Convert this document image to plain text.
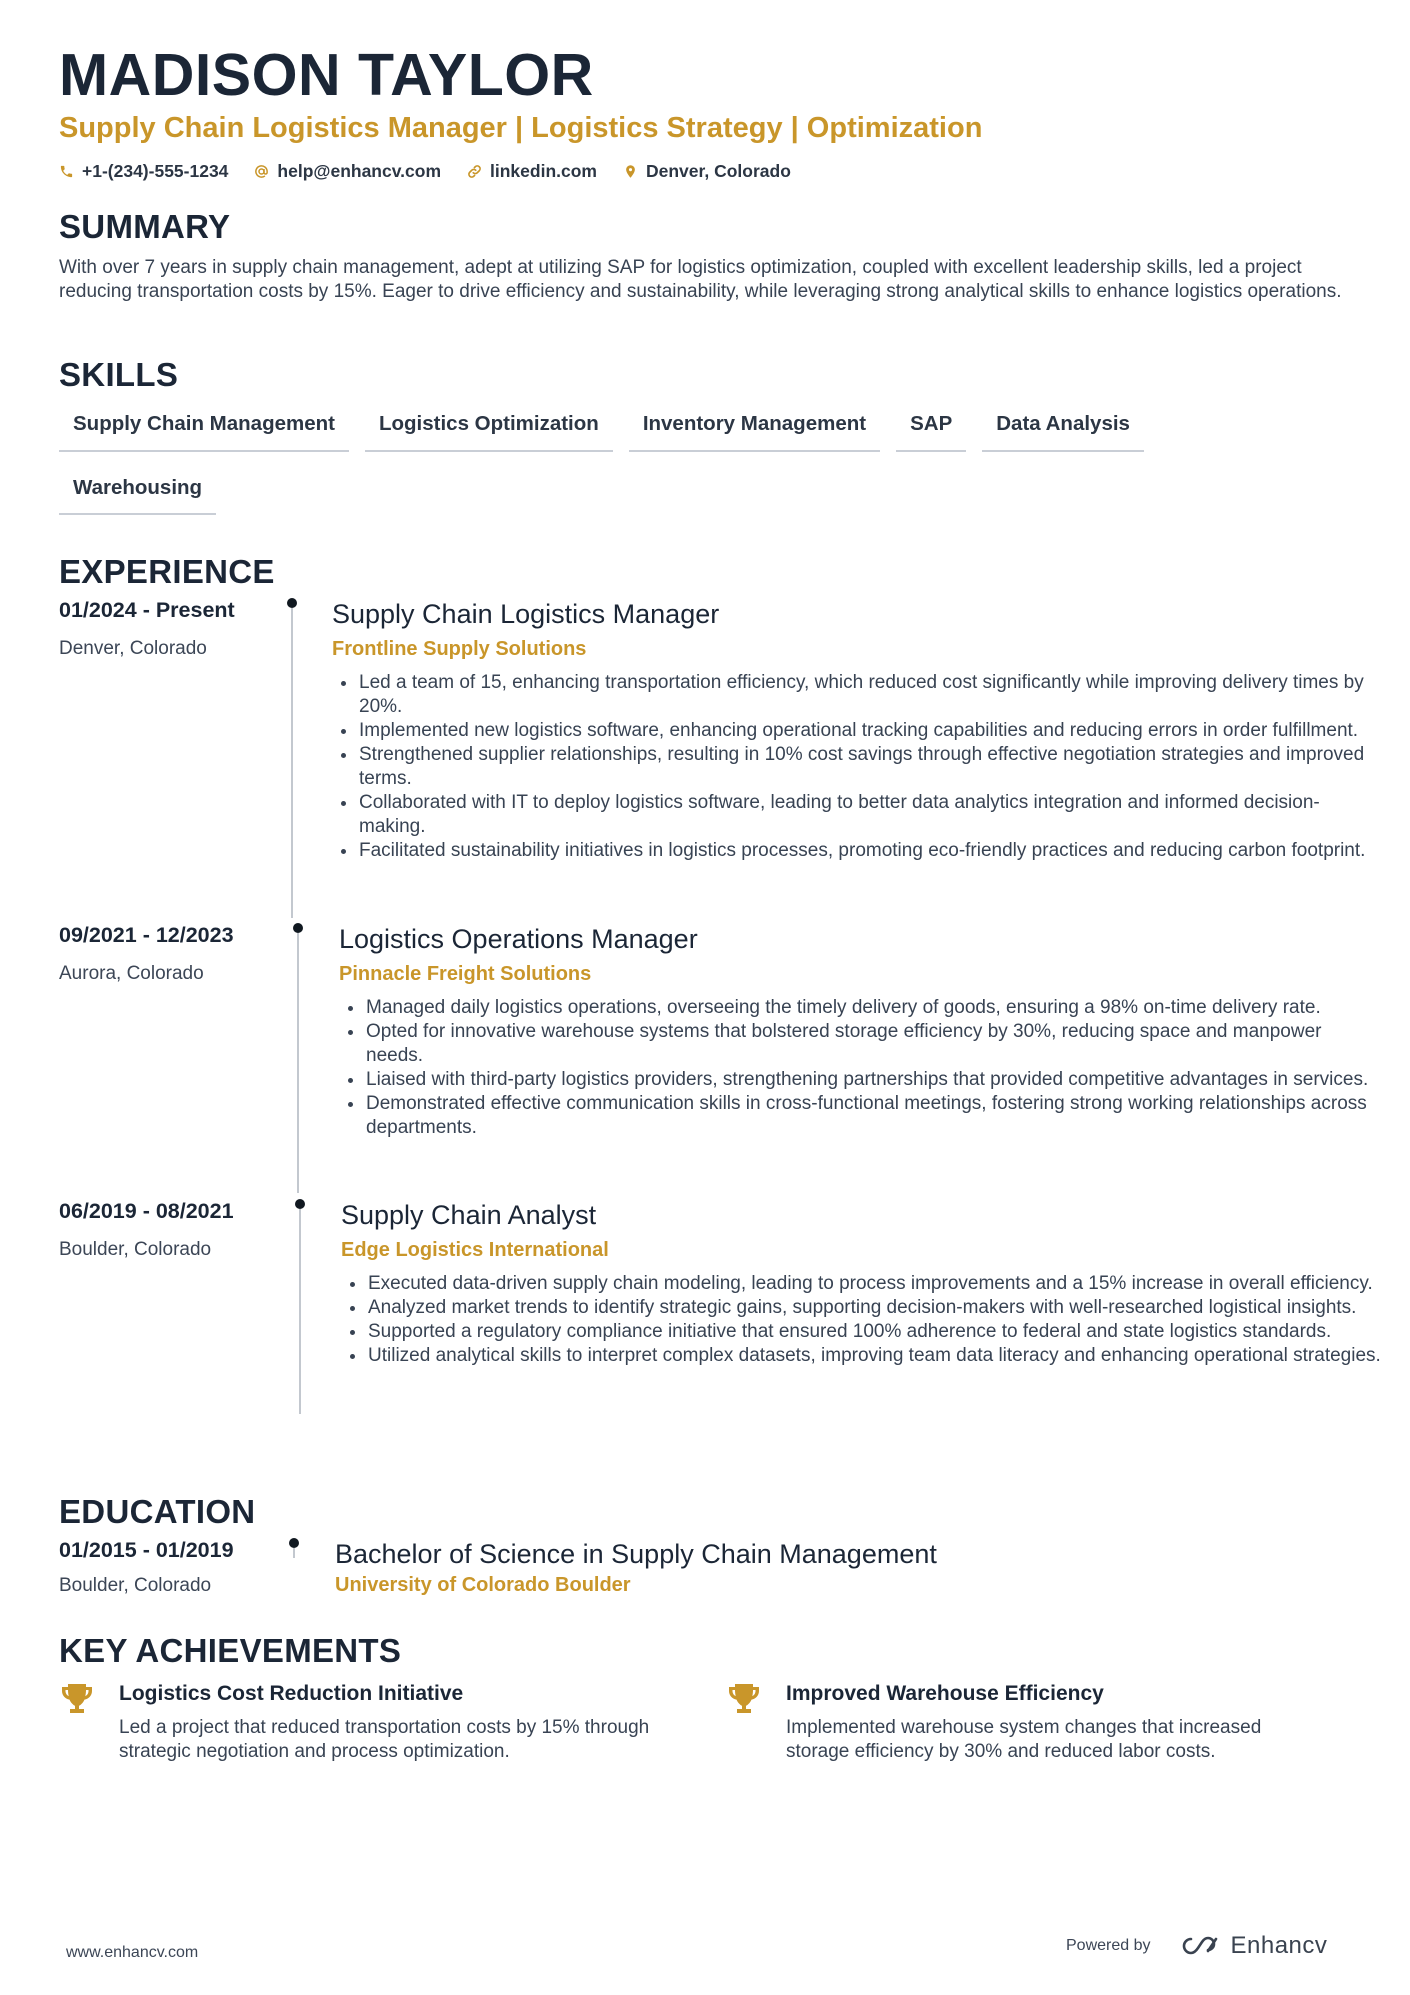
MADISON TAYLOR
Supply Chain Logistics Manager | Logistics Strategy | Optimization
+1-(234)-555-1234	help@enhancv.com	linkedin.com	Denver, Colorado
SUMMARY
With over 7 years in supply chain management, adept at utilizing SAP for logistics optimization, coupled with excellent leadership skills, led a project reducing transportation costs by 15%. Eager to drive efficiency and sustainability, while leveraging strong analytical skills to enhance logistics operations.
SKILLS
Supply Chain Management	Logistics Optimization	Inventory Management	SAP	Data Analysis
Warehousing
EXPERIENCE
01/2024 - Present
Denver, Colorado
Supply Chain Logistics Manager
Frontline Supply Solutions
Led a team of 15, enhancing transportation efficiency, which reduced cost significantly while improving delivery times by 20%.
Implemented new logistics software, enhancing operational tracking capabilities and reducing errors in order fulfillment.
Strengthened supplier relationships, resulting in 10% cost savings through effective negotiation strategies and improved terms.
Collaborated with IT to deploy logistics software, leading to better data analytics integration and informed decision-making.
Facilitated sustainability initiatives in logistics processes, promoting eco-friendly practices and reducing carbon footprint.
09/2021 - 12/2023
Aurora, Colorado
Logistics Operations Manager
Pinnacle Freight Solutions
Managed daily logistics operations, overseeing the timely delivery of goods, ensuring a 98% on-time delivery rate.
Opted for innovative warehouse systems that bolstered storage efficiency by 30%, reducing space and manpower needs.
Liaised with third-party logistics providers, strengthening partnerships that provided competitive advantages in services.
Demonstrated effective communication skills in cross-functional meetings, fostering strong working relationships across departments.
06/2019 - 08/2021
Boulder, Colorado
Supply Chain Analyst
Edge Logistics International
Executed data-driven supply chain modeling, leading to process improvements and a 15% increase in overall efficiency.
Analyzed market trends to identify strategic gains, supporting decision-makers with well-researched logistical insights.
Supported a regulatory compliance initiative that ensured 100% adherence to federal and state logistics standards.
Utilized analytical skills to interpret complex datasets, improving team data literacy and enhancing operational strategies.
EDUCATION
01/2015 - 01/2019
Boulder, Colorado
Bachelor of Science in Supply Chain Management
University of Colorado Boulder
KEY ACHIEVEMENTS
Logistics Cost Reduction Initiative
Led a project that reduced transportation costs by 15% through strategic negotiation and process optimization.
Improved Warehouse Efficiency
Implemented warehouse system changes that increased storage efficiency by 30% and reduced labor costs.
www.enhancv.com	Powered by	Enhancv
